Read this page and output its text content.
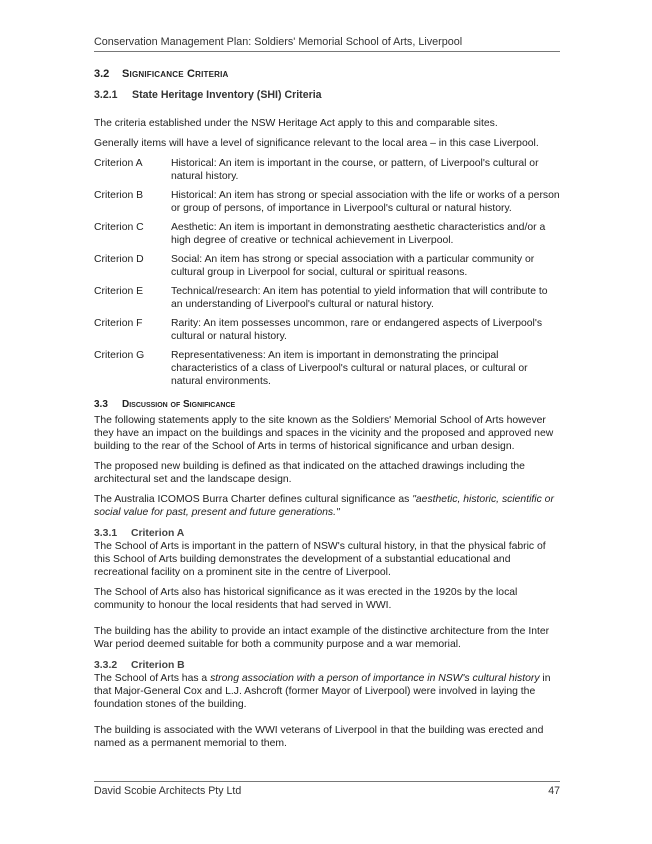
Conservation Management Plan: Soldiers' Memorial School of Arts, Liverpool
3.2	Significance Criteria
3.2.1	State Heritage Inventory (SHI) Criteria

The criteria established under the NSW Heritage Act apply to this and comparable sites.

Generally items will have a level of significance relevant to the local area – in this case Liverpool.

Criterion A	Historical: An item is important in the course, or pattern, of Liverpool's cultural or natural history.
Criterion B	Historical: An item has strong or special association with the life or works of a person or group of persons, of importance in Liverpool's cultural or natural history.
Criterion C	Aesthetic: An item is important in demonstrating aesthetic characteristics and/or a high degree of creative or technical achievement in Liverpool.
Criterion D	Social: An item has strong or special association with a particular community or cultural group in Liverpool for social, cultural or spiritual reasons.
Criterion E	Technical/research: An item has potential to yield information that will contribute to an understanding of Liverpool's cultural or natural history.
Criterion F	Rarity: An item possesses uncommon, rare or endangered aspects of Liverpool's cultural or natural history.
Criterion G	Representativeness: An item is important in demonstrating the principal characteristics of a class of Liverpool's cultural or natural places, or cultural or natural environments.
3.3	Discussion of Significance

The following statements apply to the site known as the Soldiers' Memorial School of Arts however they have an impact on the buildings and spaces in the vicinity and the proposed and approved new building to the rear of the School of Arts in terms of historical significance and urban design.

The proposed new building is defined as that indicated on the attached drawings including the architectural set and the landscape design.

The Australia ICOMOS Burra Charter defines cultural significance as "aesthetic, historic, scientific or social value for past, present and future generations."

3.3.1	Criterion A

The School of Arts is important in the pattern of NSW's cultural history, in that the physical fabric of this School of Arts building demonstrates the development of a substantial educational and recreational facility on a prominent site in the centre of Liverpool.

The School of Arts also has historical significance as it was erected in the 1920s by the local community to honour the local residents that had served in WWI.

The building has the ability to provide an intact example of the distinctive architecture from the Inter War period deemed suitable for both a community purpose and a war memorial.

3.3.2	Criterion B

The School of Arts has a strong association with a person of importance in NSW's cultural history in that Major-General Cox and L.J. Ashcroft (former Mayor of Liverpool) were involved in laying the foundation stones of the building.

The building is associated with the WWI veterans of Liverpool in that the building was erected and named as a permanent memorial to them.

David Scobie Architects Pty Ltd	47
